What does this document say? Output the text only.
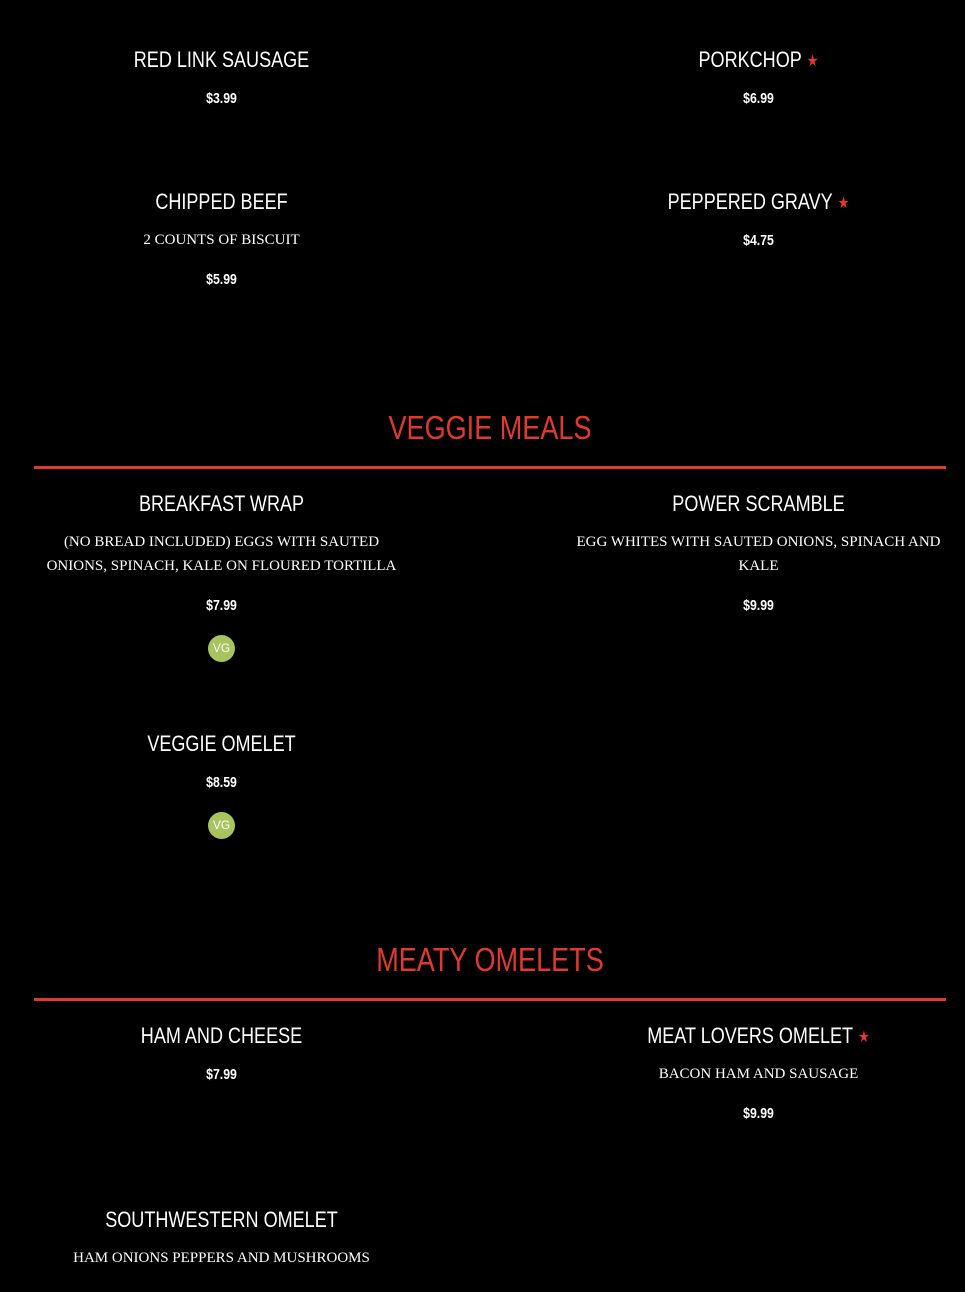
RED LINK SAUSAGE
$3.99
PORKCHOP ★
$6.99
CHIPPED BEEF
2 COUNTS OF BISCUIT
$5.99
PEPPERED GRAVY ★
$4.75
VEGGIE MEALS
BREAKFAST WRAP
(NO BREAD INCLUDED) EGGS WITH SAUTED ONIONS, SPINACH, KALE ON FLOURED TORTILLA
$7.99
VG
POWER SCRAMBLE
EGG WHITES WITH SAUTED ONIONS, SPINACH AND KALE
$9.99
VEGGIE OMELET
$8.59
VG
MEATY OMELETS
HAM AND CHEESE
$7.99
MEAT LOVERS OMELET ★
BACON HAM AND SAUSAGE
$9.99
SOUTHWESTERN OMELET
HAM ONIONS PEPPERS AND MUSHROOMS
